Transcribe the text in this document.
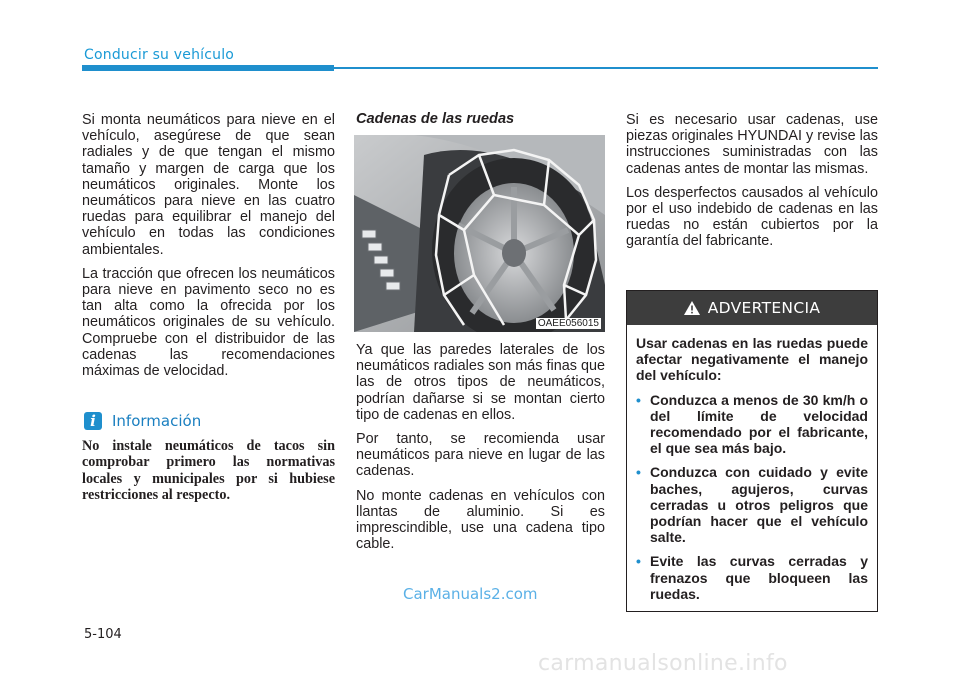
Conducir su vehículo

Si monta neumáticos para nieve en el vehículo, asegúrese de que sean radiales y de que tengan el mismo tamaño y margen de carga que los neumáticos originales. Monte los neumáticos para nieve en las cuatro ruedas para equilibrar el manejo del vehículo en todas las condiciones ambientales.

La tracción que ofrecen los neumáticos para nieve en pavimento seco no es tan alta como la ofrecida por los neumáticos originales de su vehículo. Compruebe con el distribuidor de las cadenas las recomendaciones máximas de velocidad.

i	Información
No instale neumáticos de tacos sin comprobar primero las normativas locales y municipales por si hubiese restricciones al respecto.
Cadenas de las ruedas
OAEE056015

Ya que las paredes laterales de los neumáticos radiales son más finas que las de otros tipos de neumáticos, podrían dañarse si se montan cierto tipo de cadenas en ellos.

Por tanto, se recomienda usar neumáticos para nieve en lugar de las cadenas.

No monte cadenas en vehículos con llantas de aluminio. Si es imprescindible, use una cadena tipo cable.

Si es necesario usar cadenas, use piezas originales HYUNDAI y revise las instrucciones suministradas con las cadenas antes de montar las mismas.

Los desperfectos causados al vehículo por el uso indebido de cadenas en las ruedas no están cubiertos por la garantía del fabricante.

ADVERTENCIA
Usar cadenas en las ruedas puede afectar negativamente el manejo del vehículo:
• Conduzca a menos de 30 km/h o del límite de velocidad recomendado por el fabricante, el que sea más bajo.
• Conduzca con cuidado y evite baches, agujeros, curvas cerradas u otros peligros que podrían hacer que el vehículo salte.
• Evite las curvas cerradas y frenazos que bloqueen las ruedas.
CarManuals2.com
5-104
carmanualsonline.info
